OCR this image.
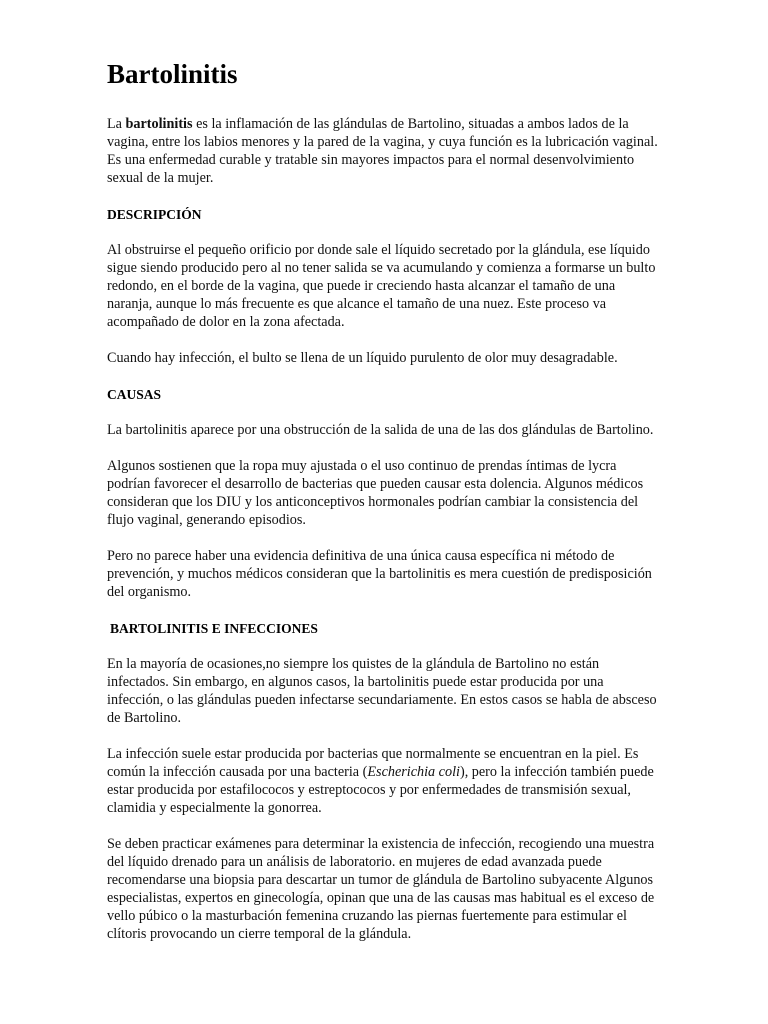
Bartolinitis

La bartolinitis es la inflamación de las glándulas de Bartolino, situadas a ambos lados de la vagina, entre los labios menores y la pared de la vagina, y cuya función es la lubricación vaginal. Es una enfermedad curable y tratable sin mayores impactos para el normal desenvolvimiento sexual de la mujer.

DESCRIPCIÓN

Al obstruirse el pequeño orificio por donde sale el líquido secretado por la glándula, ese líquido sigue siendo producido pero al no tener salida se va acumulando y comienza a formarse un bulto redondo, en el borde de la vagina, que puede ir creciendo hasta alcanzar el tamaño de una naranja, aunque lo más frecuente es que alcance el tamaño de una nuez. Este proceso va acompañado de dolor en la zona afectada.

Cuando hay infección, el bulto se llena de un líquido purulento de olor muy desagradable.

CAUSAS

La bartolinitis aparece por una obstrucción de la salida de una de las dos glándulas de Bartolino.

Algunos sostienen que la ropa muy ajustada o el uso continuo de prendas íntimas de lycra podrían favorecer el desarrollo de bacterias que pueden causar esta dolencia. Algunos médicos consideran que los DIU y los anticonceptivos hormonales podrían cambiar la consistencia del flujo vaginal, generando episodios.

Pero no parece haber una evidencia definitiva de una única causa específica ni método de prevención, y muchos médicos consideran que la bartolinitis es mera cuestión de predisposición del organismo.

BARTOLINITIS E INFECCIONES

En la mayoría de ocasiones,no siempre los quistes de la glándula de Bartolino no están infectados. Sin embargo, en algunos casos, la bartolinitis puede estar producida por una infección, o las glándulas pueden infectarse secundariamente. En estos casos se habla de absceso de Bartolino.

La infección suele estar producida por bacterias que normalmente se encuentran en la piel. Es común la infección causada por una bacteria (Escherichia coli), pero la infección también puede estar producida por estafilococos y estreptococos y por enfermedades de transmisión sexual, clamidia y especialmente la gonorrea.

Se deben practicar exámenes para determinar la existencia de infección, recogiendo una muestra del líquido drenado para un análisis de laboratorio. en mujeres de edad avanzada puede recomendarse una biopsia para descartar un tumor de glándula de Bartolino subyacente Algunos especialistas, expertos en ginecología, opinan que una de las causas mas habitual es el exceso de vello púbico o la masturbación femenina cruzando las piernas fuertemente para estimular el clítoris provocando un cierre temporal de la glándula.
